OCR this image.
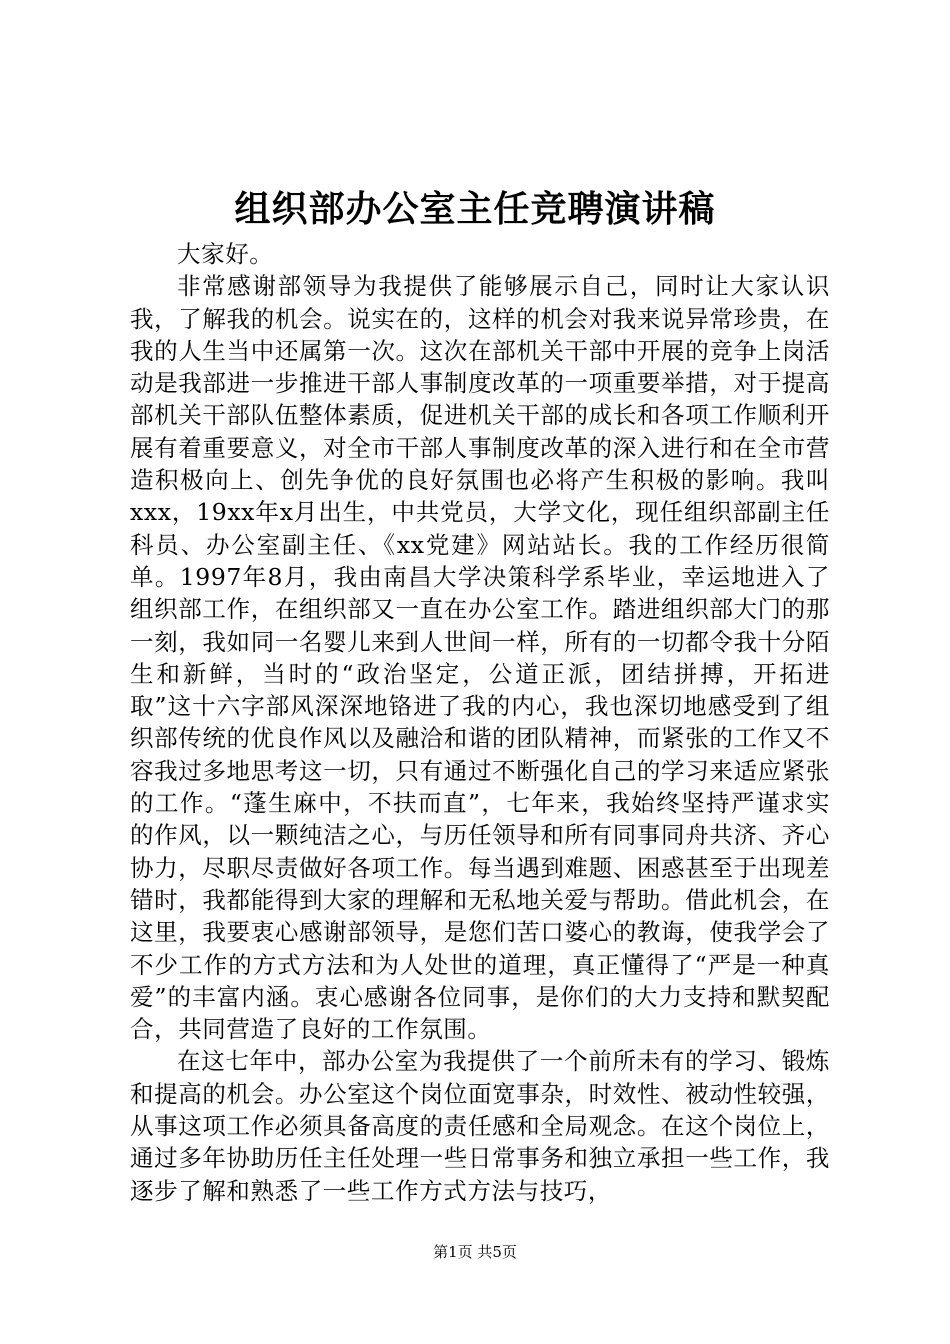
组织部办公室主任竞聘演讲稿

大家好。

非常感谢部领导为我提供了能够展示自己，同时让大家认识我，了解我的机会。说实在的，这样的机会对我来说异常珍贵，在我的人生当中还属第一次。这次在部机关干部中开展的竞争上岗活动是我部进一步推进干部人事制度改革的一项重要举措，对于提高部机关干部队伍整体素质，促进机关干部的成长和各项工作顺利开展有着重要意义，对全市干部人事制度改革的深入进行和在全市营造积极向上、创先争优的良好氛围也必将产生积极的影响。我叫xxx，19xx年x月出生，中共党员，大学文化，现任组织部副主任科员、办公室副主任、《xx党建》网站站长。我的工作经历很简单。1997年8月，我由南昌大学决策科学系毕业，幸运地进入了组织部工作，在组织部又一直在办公室工作。踏进组织部大门的那一刻，我如同一名婴儿来到人世间一样，所有的一切都令我十分陌生和新鲜，当时的“政治坚定，公道正派，团结拼搏，开拓进取”这十六字部风深深地铬进了我的内心，我也深切地感受到了组织部传统的优良作风以及融洽和谐的团队精神，而紧张的工作又不容我过多地思考这一切，只有通过不断强化自己的学习来适应紧张的工作。“蓬生麻中，不扶而直”，七年来，我始终坚持严谨求实的作风，以一颗纯洁之心，与历任领导和所有同事同舟共济、齐心协力，尽职尽责做好各项工作。每当遇到难题、困惑甚至于出现差错时，我都能得到大家的理解和无私地关爱与帮助。借此机会，在这里，我要衷心感谢部领导，是您们苦口婆心的教诲，使我学会了不少工作的方式方法和为人处世的道理，真正懂得了“严是一种真爱”的丰富内涵。衷心感谢各位同事，是你们的大力支持和默契配合，共同营造了良好的工作氛围。

在这七年中，部办公室为我提供了一个前所未有的学习、锻炼和提高的机会。办公室这个岗位面宽事杂，时效性、被动性较强，从事这项工作必须具备高度的责任感和全局观念。在这个岗位上，通过多年协助历任主任处理一些日常事务和独立承担一些工作，我逐步了解和熟悉了一些工作方式方法与技巧，

第1页 共5页
